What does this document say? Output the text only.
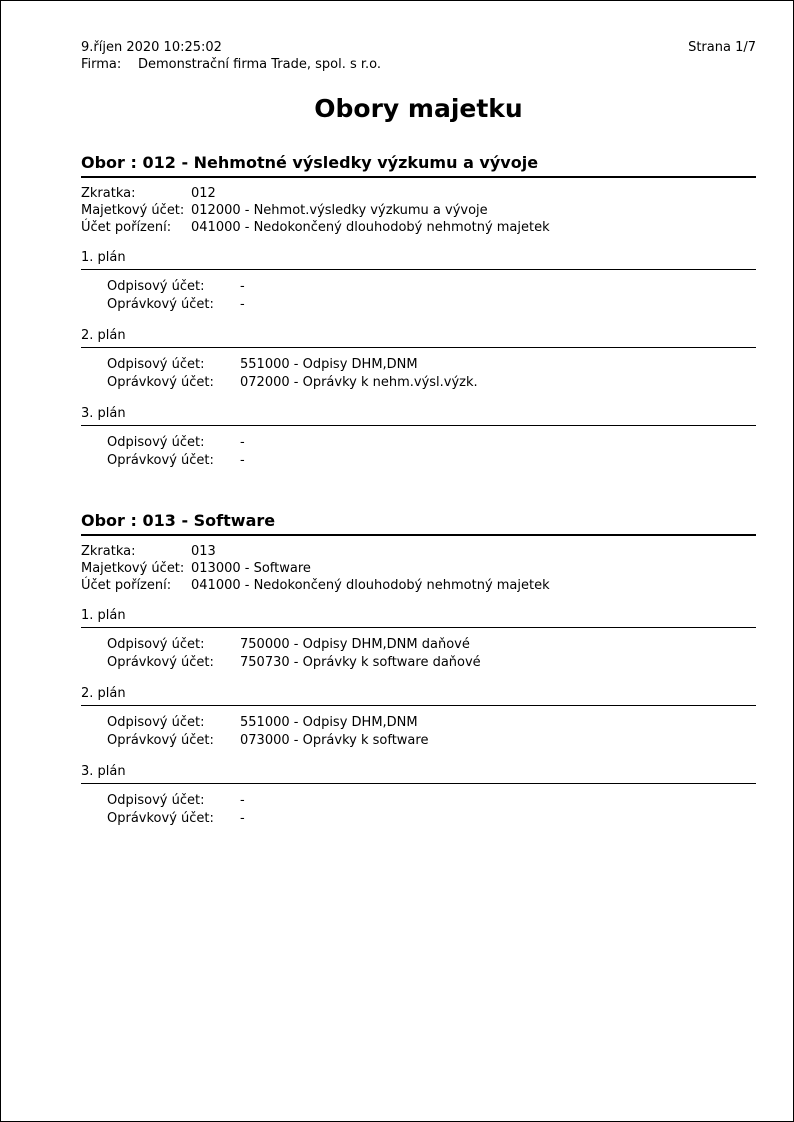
9.říjen 2020 10:25:02	Strana 1/7
Firma: Demonstrační firma Trade, spol. s r.o.
Obory majetku
Obor : 012 - Nehmotné výsledky výzkumu a vývoje
Zkratka:	012
Majetkový účet: 012000 - Nehmot.výsledky výzkumu a vývoje
Účet pořízení:	041000 - Nedokončený dlouhodobý nehmotný majetek
1. plán
Odpisový účet:	-
Oprávkový účet:	-
2. plán
Odpisový účet:	551000 - Odpisy DHM,DNM
Oprávkový účet:	072000 - Oprávky k nehm.výsl.výzk.
3. plán
Odpisový účet:	-
Oprávkový účet:	-
Obor : 013 - Software
Zkratka:	013
Majetkový účet: 013000 - Software
Účet pořízení:	041000 - Nedokončený dlouhodobý nehmotný majetek
1. plán
Odpisový účet:	750000 - Odpisy DHM,DNM daňové
Oprávkový účet:	750730 - Oprávky k software daňové
2. plán
Odpisový účet:	551000 - Odpisy DHM,DNM
Oprávkový účet:	073000 - Oprávky k software
3. plán
Odpisový účet:	-
Oprávkový účet:	-
